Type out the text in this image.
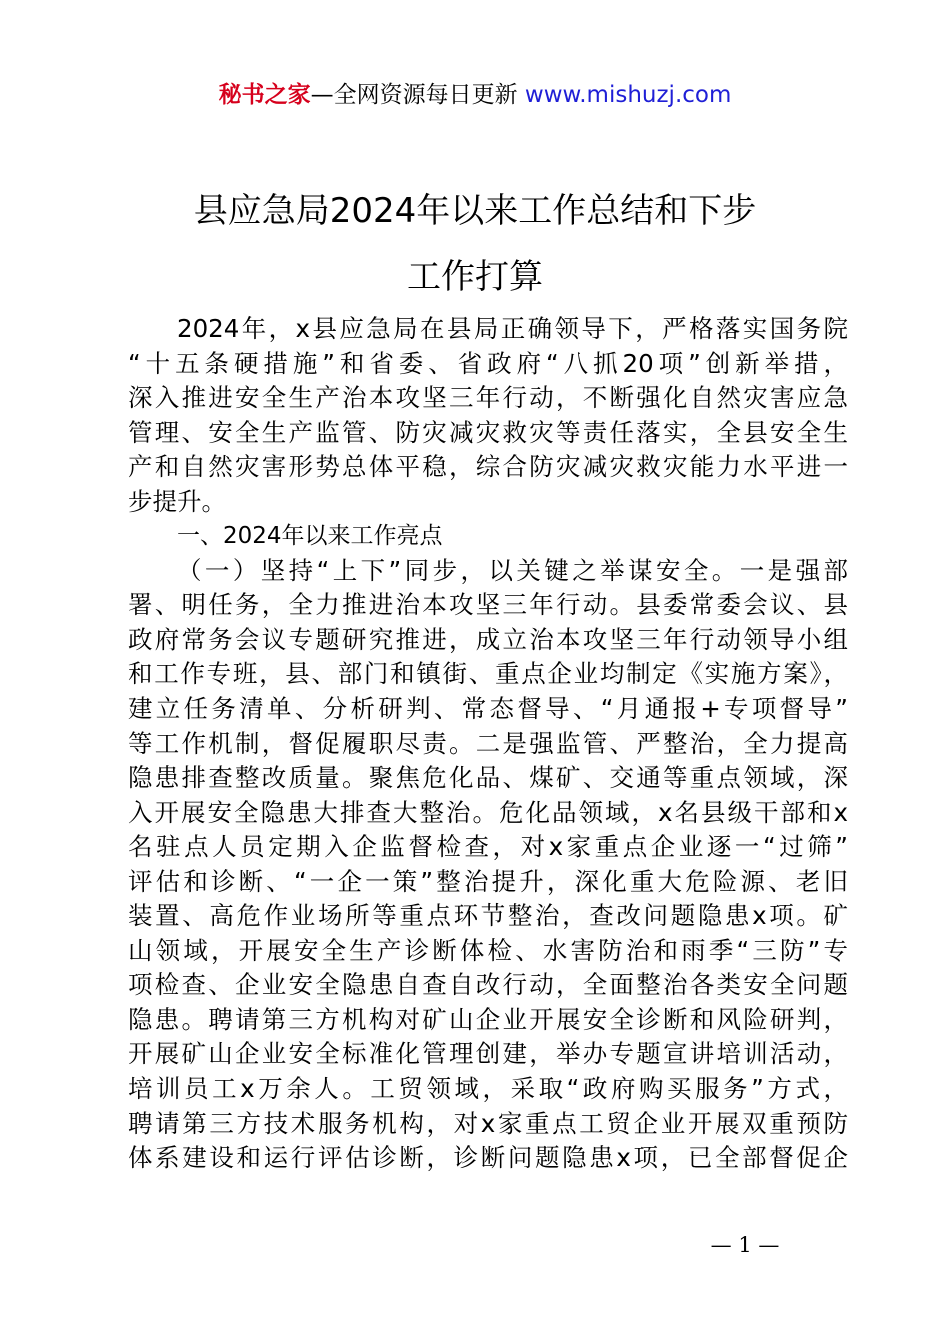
秘书之家—全网资源每日更新 www.mishuzj.com
县应急局2024年以来工作总结和下步
工作打算
2024年，x县应急局在县局正确领导下，严格落实国务院
“十五条硬措施”和省委、省政府“八抓20项”创新举措，
深入推进安全生产治本攻坚三年行动，不断强化自然灾害应急
管理、安全生产监管、防灾减灾救灾等责任落实，全县安全生
产和自然灾害形势总体平稳，综合防灾减灾救灾能力水平进一
步提升。
一、2024年以来工作亮点
（一）坚持“上下”同步，以关键之举谋安全。一是强部
署、明任务，全力推进治本攻坚三年行动。县委常委会议、县
政府常务会议专题研究推进，成立治本攻坚三年行动领导小组
和工作专班，县、部门和镇街、重点企业均制定《实施方案》，
建立任务清单、分析研判、常态督导、“月通报+专项督导”
等工作机制，督促履职尽责。二是强监管、严整治，全力提高
隐患排查整改质量。聚焦危化品、煤矿、交通等重点领域，深
入开展安全隐患大排查大整治。危化品领域，x名县级干部和x
名驻点人员定期入企监督检查，对x家重点企业逐一“过筛”
评估和诊断、“一企一策”整治提升，深化重大危险源、老旧
装置、高危作业场所等重点环节整治，查改问题隐患x项。矿
山领域，开展安全生产诊断体检、水害防治和雨季“三防”专
项检查、企业安全隐患自查自改行动，全面整治各类安全问题
隐患。聘请第三方机构对矿山企业开展安全诊断和风险研判，
开展矿山企业安全标准化管理创建，举办专题宣讲培训活动，
培训员工x万余人。工贸领域，采取“政府购买服务”方式，
聘请第三方技术服务机构，对x家重点工贸企业开展双重预防
体系建设和运行评估诊断，诊断问题隐患x项，已全部督促企
— 1 —
